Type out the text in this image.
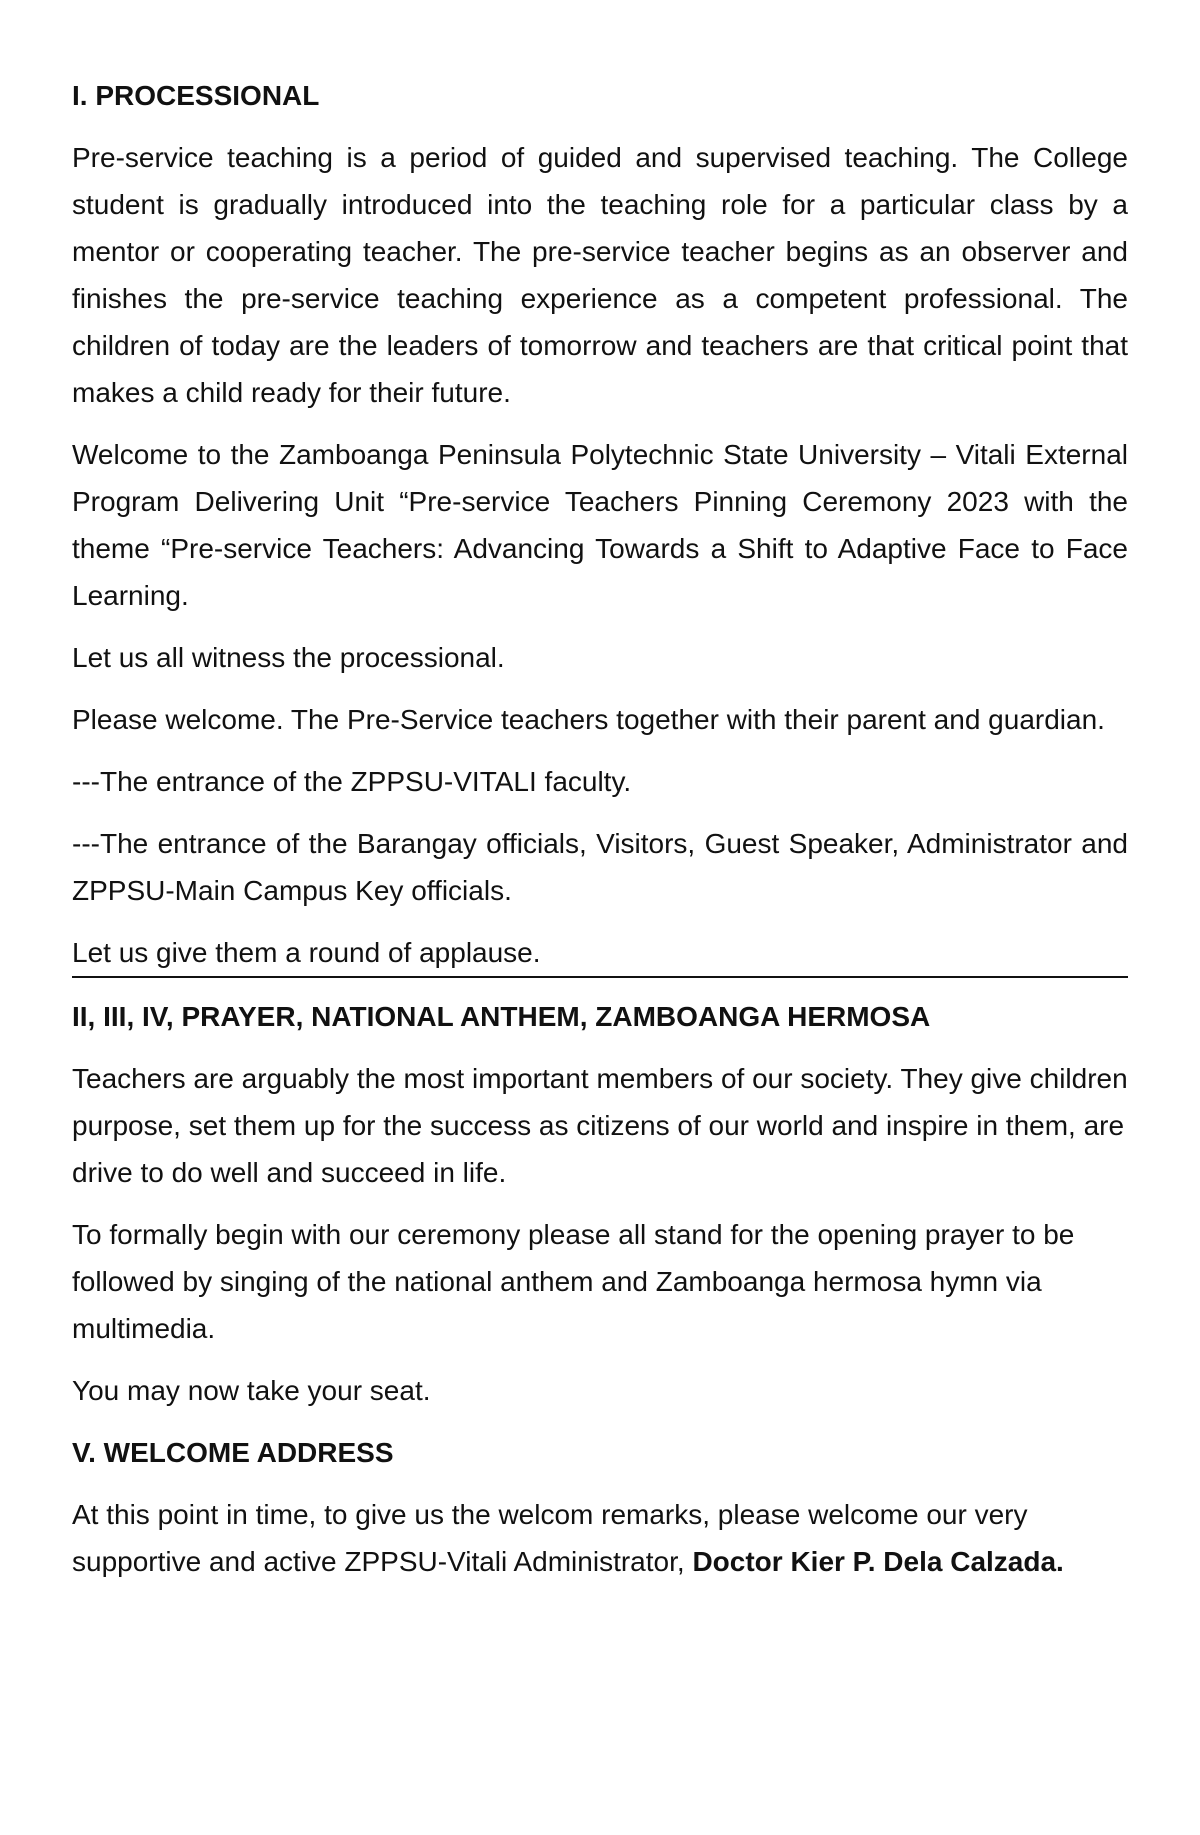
I. PROCESSIONAL
Pre-service teaching is a period of guided and supervised teaching. The College student is gradually introduced into the teaching role for a particular class by a mentor or cooperating teacher. The pre-service teacher begins as an observer and finishes the pre-service teaching experience as a competent professional. The children of today are the leaders of tomorrow and teachers are that critical point that makes a child ready for their future.
Welcome to the Zamboanga Peninsula Polytechnic State University – Vitali External Program Delivering Unit “Pre-service Teachers Pinning Ceremony 2023 with the theme “Pre-service Teachers: Advancing Towards a Shift to Adaptive Face to Face Learning.
Let us all witness the processional.
Please welcome. The Pre-Service teachers together with their parent and guardian.
---The entrance of the ZPPSU-VITALI faculty.
---The entrance of the Barangay officials, Visitors, Guest Speaker, Administrator and ZPPSU-Main Campus Key officials.
Let us give them a round of applause.
II, III, IV, PRAYER, NATIONAL ANTHEM, ZAMBOANGA HERMOSA
Teachers are arguably the most important members of our society. They give children purpose, set them up for the success as citizens of our world and inspire in them, are drive to do well and succeed in life.
To formally begin with our ceremony please all stand for the opening prayer to be followed by singing of the national anthem and Zamboanga hermosa hymn via multimedia.
You may now take your seat.
V. WELCOME ADDRESS
At this point in time, to give us the welcom remarks, please welcome our very supportive and active ZPPSU-Vitali Administrator, Doctor Kier P. Dela Calzada.
